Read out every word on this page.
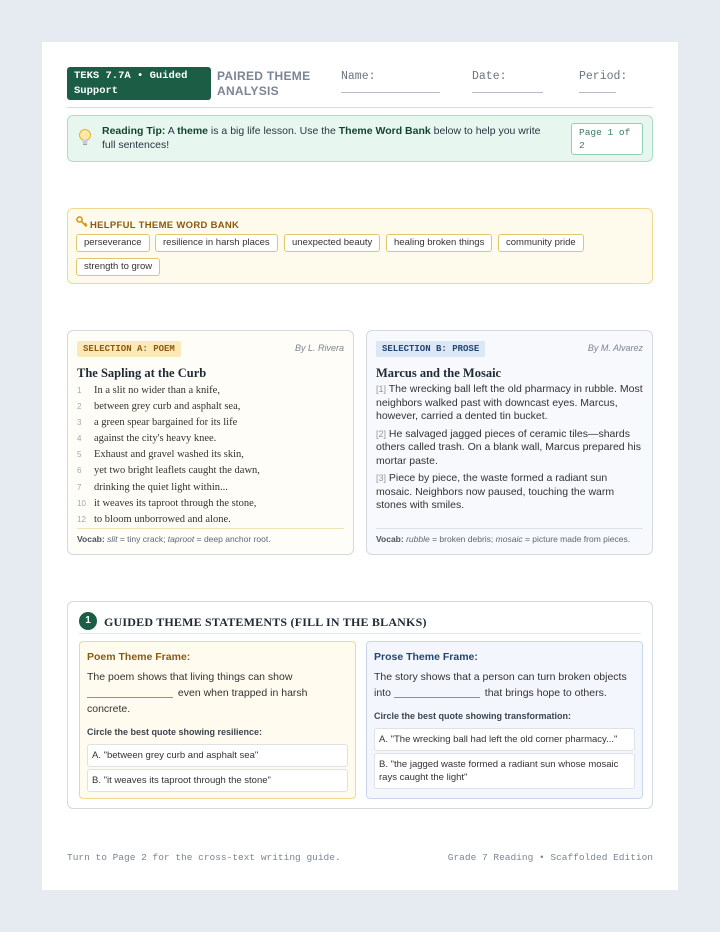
TEKS 7.7A • Guided Support
PAIRED THEME ANALYSIS
Name:	Date:	Period:
Reading Tip: A theme is a big life lesson. Use the Theme Word Bank below to help you write full sentences!
Page 1 of 2
HELPFUL THEME WORD BANK
perseverance	resilience in harsh places	unexpected beauty	healing broken things	community pride
strength to grow
SELECTION A: POEM	By L. Rivera
The Sapling at the Curb
1 In a slit no wider than a knife,
2 between grey curb and asphalt sea,
3 a green spear bargained for its life
4 against the city's heavy knee.
5 Exhaust and gravel washed its skin,
6 yet two bright leaflets caught the dawn,
7 drinking the quiet light within...
10 it weaves its taproot through the stone,
12 to bloom unborrowed and alone.
Vocab: slit = tiny crack; taproot = deep anchor root.
SELECTION B: PROSE	By M. Alvarez
Marcus and the Mosaic

[1] The wrecking ball left the old pharmacy in rubble. Most neighbors walked past with downcast eyes. Marcus, however, carried a dented tin bucket.

[2] He salvaged jagged pieces of ceramic tiles—shards others called trash. On a blank wall, Marcus prepared his mortar paste.

[3] Piece by piece, the waste formed a radiant sun mosaic. Neighbors now paused, touching the warm stones with smiles.

Vocab: rubble = broken debris; mosaic = picture made from pieces.
1	GUIDED THEME STATEMENTS (FILL IN THE BLANKS)
Poem Theme Frame:
The poem shows that living things can show  even when trapped in harsh concrete.
Circle the best quote showing resilience:
A. "between grey curb and asphalt sea"
B. "it weaves its taproot through the stone"
Prose Theme Frame:
The story shows that a person can turn broken objects into	that brings hope to others.
Circle the best quote showing transformation:
A. "The wrecking ball had left the old corner pharmacy..."
B. "the jagged waste formed a radiant sun whose mosaic rays caught the light"
Turn to Page 2 for the cross-text writing guide.	Grade 7 Reading • Scaffolded Edition
